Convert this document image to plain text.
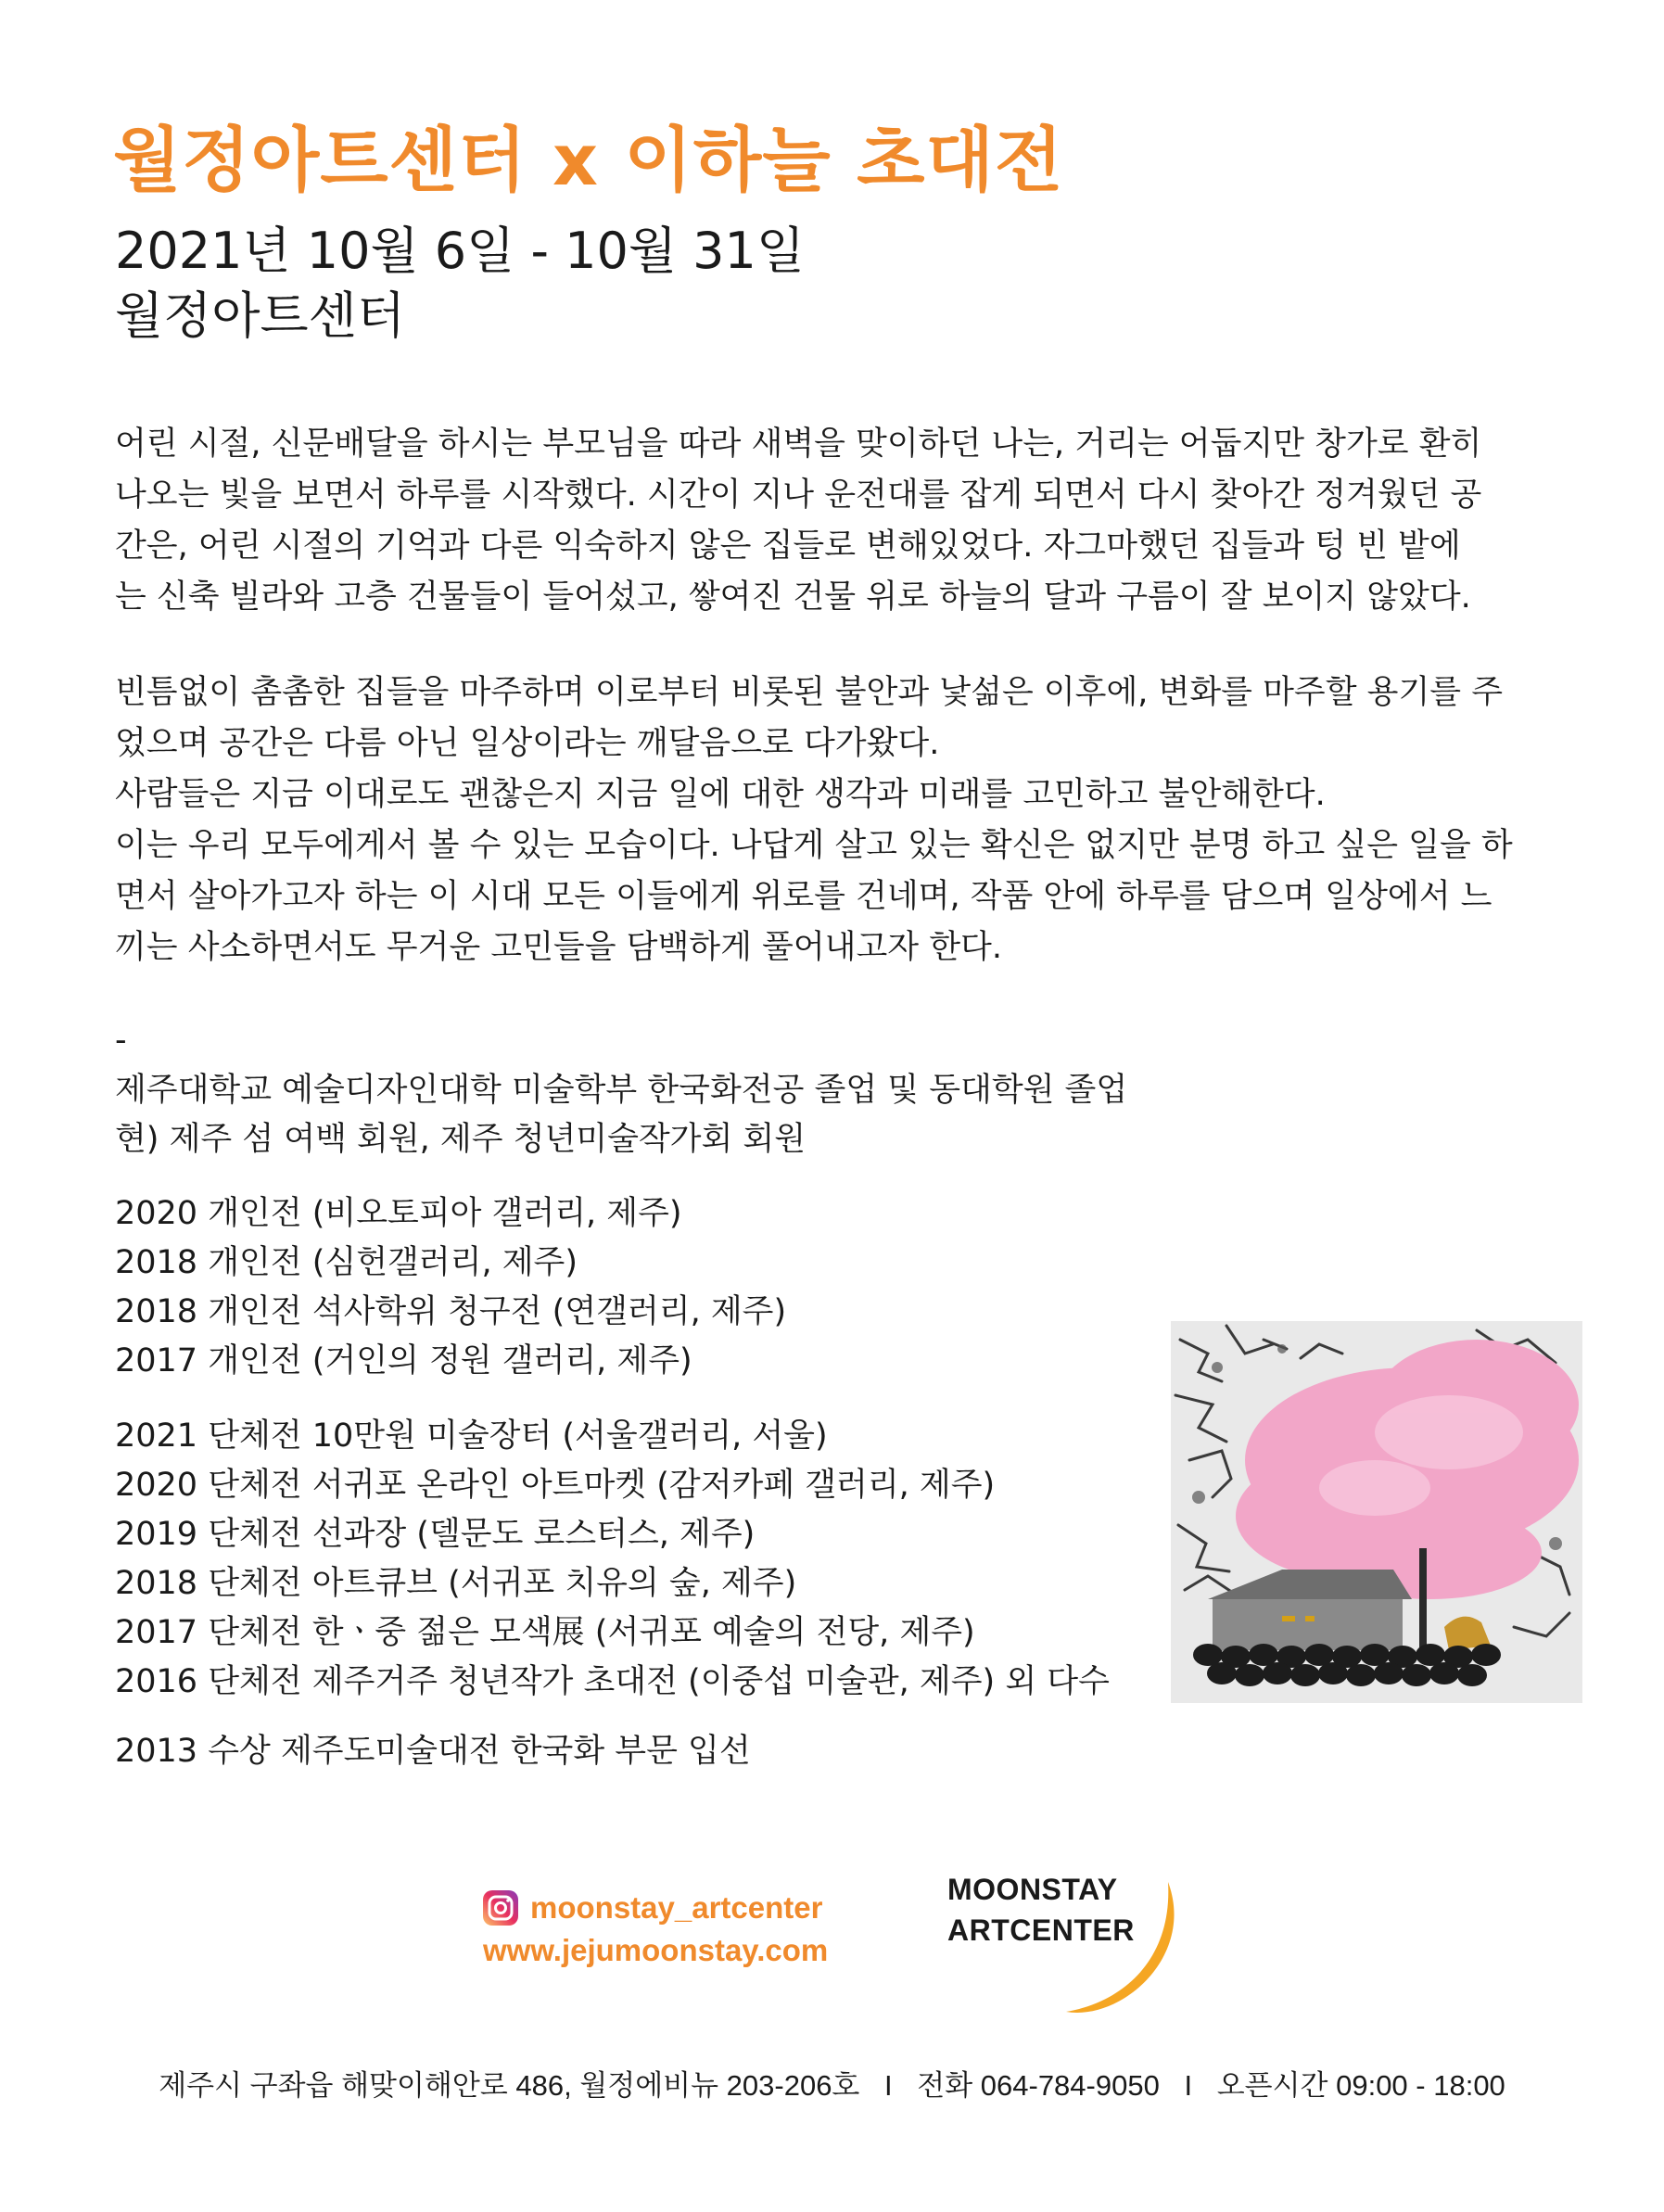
월정아트센터 x 이하늘 초대전
2021년 10월 6일 - 10월 31일
월정아트센터

어린 시절, 신문배달을 하시는 부모님을 따라 새벽을 맞이하던 나는, 거리는 어둡지만 창가로 환히
나오는 빛을 보면서 하루를 시작했다. 시간이 지나 운전대를 잡게 되면서 다시 찾아간 정겨웠던 공
간은, 어린 시절의 기억과 다른 익숙하지 않은 집들로 변해있었다. 자그마했던 집들과 텅 빈 밭에
는 신축 빌라와 고층 건물들이 들어섰고, 쌓여진 건물 위로 하늘의 달과 구름이 잘 보이지 않았다.

빈틈없이 촘촘한 집들을 마주하며 이로부터 비롯된 불안과 낯섦은 이후에, 변화를 마주할 용기를 주
었으며 공간은 다름 아닌 일상이라는 깨달음으로 다가왔다.
사람들은 지금 이대로도 괜찮은지 지금 일에 대한 생각과 미래를 고민하고 불안해한다.
이는 우리 모두에게서 볼 수 있는 모습이다. 나답게 살고 있는 확신은 없지만 분명 하고 싶은 일을 하
면서 살아가고자 하는 이 시대 모든 이들에게 위로를 건네며, 작품 안에 하루를 담으며 일상에서 느
끼는 사소하면서도 무거운 고민들을 담백하게 풀어내고자 한다.

-
제주대학교 예술디자인대학 미술학부 한국화전공 졸업 및 동대학원 졸업
현) 제주 섬 여백 회원, 제주 청년미술작가회 회원
2020 개인전 (비오토피아 갤러리, 제주)
2018 개인전 (심헌갤러리, 제주)
2018 개인전 석사학위 청구전 (연갤러리, 제주)
2017 개인전 (거인의 정원 갤러리, 제주)
2021 단체전 10만원 미술장터 (서울갤러리, 서울)
2020 단체전 서귀포 온라인 아트마켓 (감저카페 갤러리, 제주)
2019 단체전 선과장 (델문도 로스터스, 제주)
2018 단체전 아트큐브 (서귀포 치유의 숲, 제주)
2017 단체전 한ㆍ중 젊은 모색展 (서귀포 예술의 전당, 제주)
2016 단체전 제주거주 청년작가 초대전 (이중섭 미술관, 제주) 외 다수
2013 수상 제주도미술대전 한국화 부문 입선
moonstay_artcenter
www.jejumoonstay.com
MOONSTAY
ARTCENTER
제주시 구좌읍 해맞이해안로 486, 월정에비뉴 203-206호 I 전화 064-784-9050 I 오픈시간 09:00 - 18:00
